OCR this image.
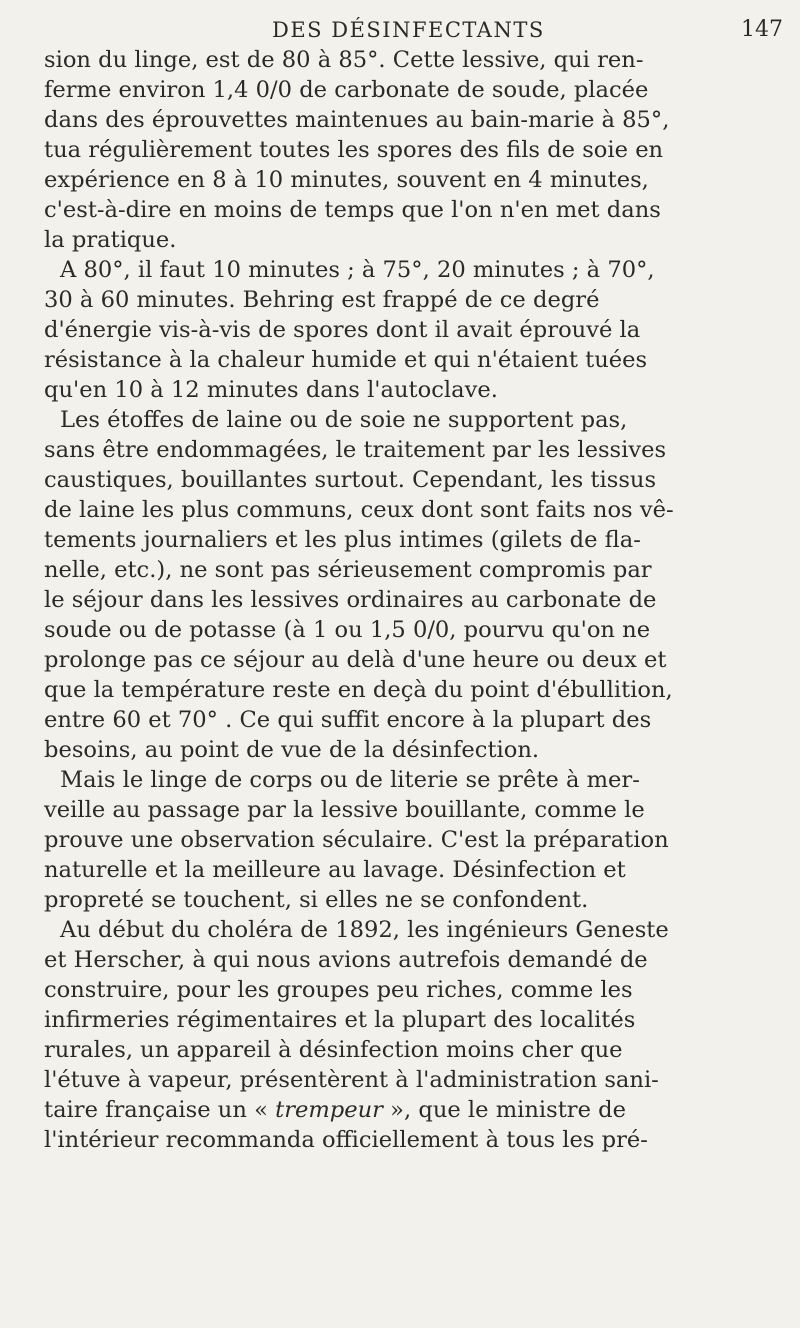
DES DÉSINFECTANTS	147
sion du linge, est de 80 à 85°. Cette lessive, qui ren-
ferme environ 1,4 0/0 de carbonate de soude, placée
dans des éprouvettes maintenues au bain-marie à 85°,
tua régulièrement toutes les spores des fils de soie en
expérience en 8 à 10 minutes, souvent en 4 minutes,
c'est-à-dire en moins de temps que l'on n'en met dans
la pratique.
A 80°, il faut 10 minutes ; à 75°, 20 minutes ; à 70°,
30 à 60 minutes. Behring est frappé de ce degré
d'énergie vis-à-vis de spores dont il avait éprouvé la
résistance à la chaleur humide et qui n'étaient tuées
qu'en 10 à 12 minutes dans l'autoclave.
Les étoffes de laine ou de soie ne supportent pas,
sans être endommagées, le traitement par les lessives
caustiques, bouillantes surtout. Cependant, les tissus
de laine les plus communs, ceux dont sont faits nos vê-
tements journaliers et les plus intimes (gilets de fla-
nelle, etc.), ne sont pas sérieusement compromis par
le séjour dans les lessives ordinaires au carbonate de
soude ou de potasse (à 1 ou 1,5 0/0, pourvu qu'on ne
prolonge pas ce séjour au delà d'une heure ou deux et
que la température reste en deçà du point d'ébullition,
entre 60 et 70° . Ce qui suffit encore à la plupart des
besoins, au point de vue de la désinfection.
Mais le linge de corps ou de literie se prête à mer-
veille au passage par la lessive bouillante, comme le
prouve une observation séculaire. C'est la préparation
naturelle et la meilleure au lavage. Désinfection et
propreté se touchent, si elles ne se confondent.
Au début du choléra de 1892, les ingénieurs Geneste
et Herscher, à qui nous avions autrefois demandé de
construire, pour les groupes peu riches, comme les
infirmeries régimentaires et la plupart des localités
rurales, un appareil à désinfection moins cher que
l'étuve à vapeur, présentèrent à l'administration sani-
taire française un « trempeur », que le ministre de
l'intérieur recommanda officiellement à tous les pré-
